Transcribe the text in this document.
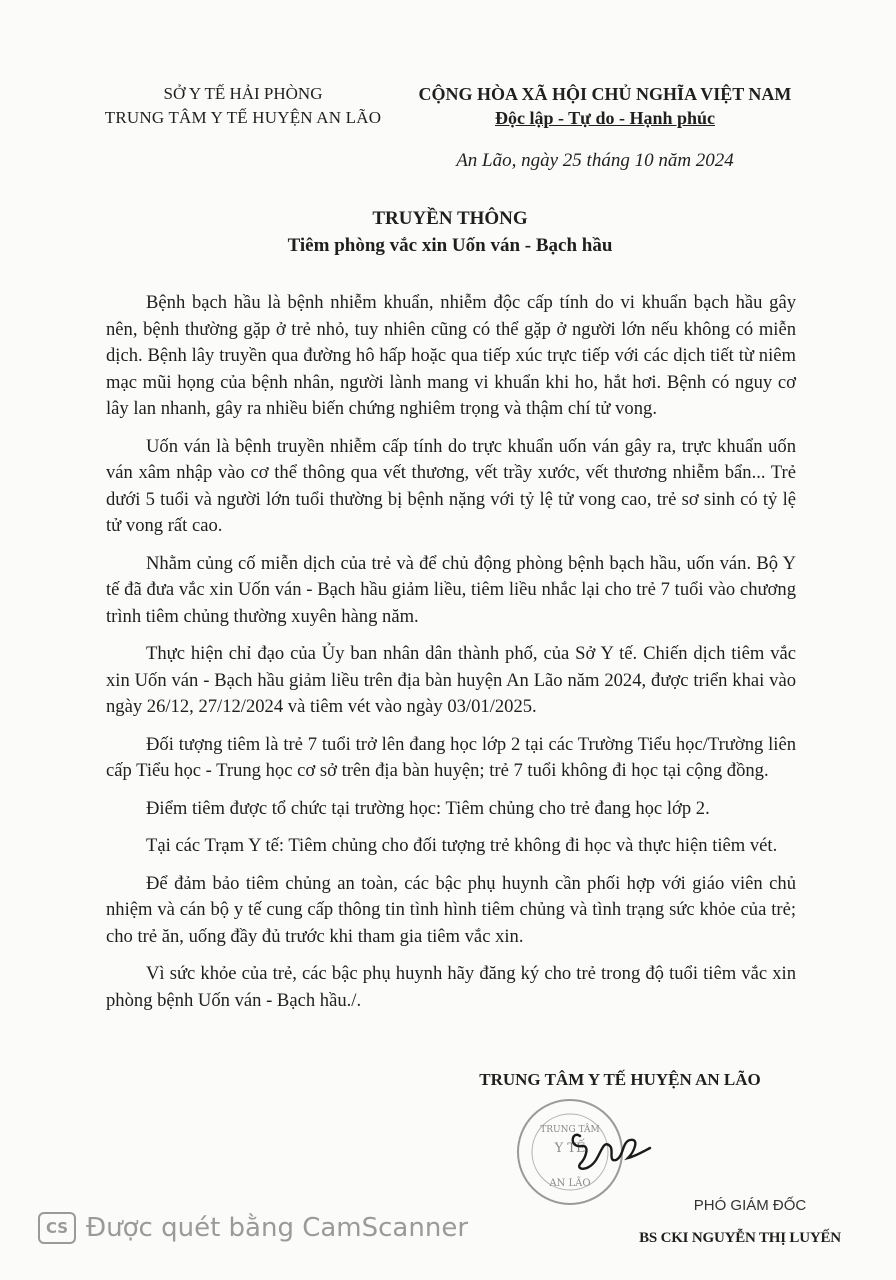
SỞ Y TẾ HẢI PHÒNG
TRUNG TÂM Y TẾ HUYỆN AN LÃO
CỘNG HÒA XÃ HỘI CHỦ NGHĨA VIỆT NAM
Độc lập - Tự do - Hạnh phúc
An Lão, ngày 25 tháng 10 năm 2024
TRUYỀN THÔNG
Tiêm phòng vắc xin Uốn ván - Bạch hầu

Bệnh bạch hầu là bệnh nhiễm khuẩn, nhiễm độc cấp tính do vi khuẩn bạch hầu gây nên, bệnh thường gặp ở trẻ nhỏ, tuy nhiên cũng có thể gặp ở người lớn nếu không có miễn dịch. Bệnh lây truyền qua đường hô hấp hoặc qua tiếp xúc trực tiếp với các dịch tiết từ niêm mạc mũi họng của bệnh nhân, người lành mang vi khuẩn khi ho, hắt hơi. Bệnh có nguy cơ lây lan nhanh, gây ra nhiều biến chứng nghiêm trọng và thậm chí tử vong.

Uốn ván là bệnh truyền nhiễm cấp tính do trực khuẩn uốn ván gây ra, trực khuẩn uốn ván xâm nhập vào cơ thể thông qua vết thương, vết trầy xước, vết thương nhiễm bẩn... Trẻ dưới 5 tuổi và người lớn tuổi thường bị bệnh nặng với tỷ lệ tử vong cao, trẻ sơ sinh có tỷ lệ tử vong rất cao.

Nhằm củng cố miễn dịch của trẻ và để chủ động phòng bệnh bạch hầu, uốn ván. Bộ Y tế đã đưa vắc xin Uốn ván - Bạch hầu giảm liều, tiêm liều nhắc lại cho trẻ 7 tuổi vào chương trình tiêm chủng thường xuyên hàng năm.

Thực hiện chỉ đạo của Ủy ban nhân dân thành phố, của Sở Y tế. Chiến dịch tiêm vắc xin Uốn ván - Bạch hầu giảm liều trên địa bàn huyện An Lão năm 2024, được triển khai vào ngày 26/12, 27/12/2024 và tiêm vét vào ngày 03/01/2025.

Đối tượng tiêm là trẻ 7 tuổi trở lên đang học lớp 2 tại các Trường Tiểu học/Trường liên cấp Tiểu học - Trung học cơ sở trên địa bàn huyện; trẻ 7 tuổi không đi học tại cộng đồng.

Điểm tiêm được tổ chức tại trường học: Tiêm chủng cho trẻ đang học lớp 2.

Tại các Trạm Y tế: Tiêm chủng cho đối tượng trẻ không đi học và thực hiện tiêm vét.

Để đảm bảo tiêm chủng an toàn, các bậc phụ huynh cần phối hợp với giáo viên chủ nhiệm và cán bộ y tế cung cấp thông tin tình hình tiêm chủng và tình trạng sức khỏe của trẻ; cho trẻ ăn, uống đầy đủ trước khi tham gia tiêm vắc xin.

Vì sức khỏe của trẻ, các bậc phụ huynh hãy đăng ký cho trẻ trong độ tuổi tiêm vắc xin phòng bệnh Uốn ván - Bạch hầu./.

TRUNG TÂM Y TẾ HUYỆN AN LÃO
TRUNG TÂM
Y TẾ
AN LÃO
PHÓ GIÁM ĐỐC
BS CKI NGUYỄN THỊ LUYẾN
CS Được quét bằng CamScanner
